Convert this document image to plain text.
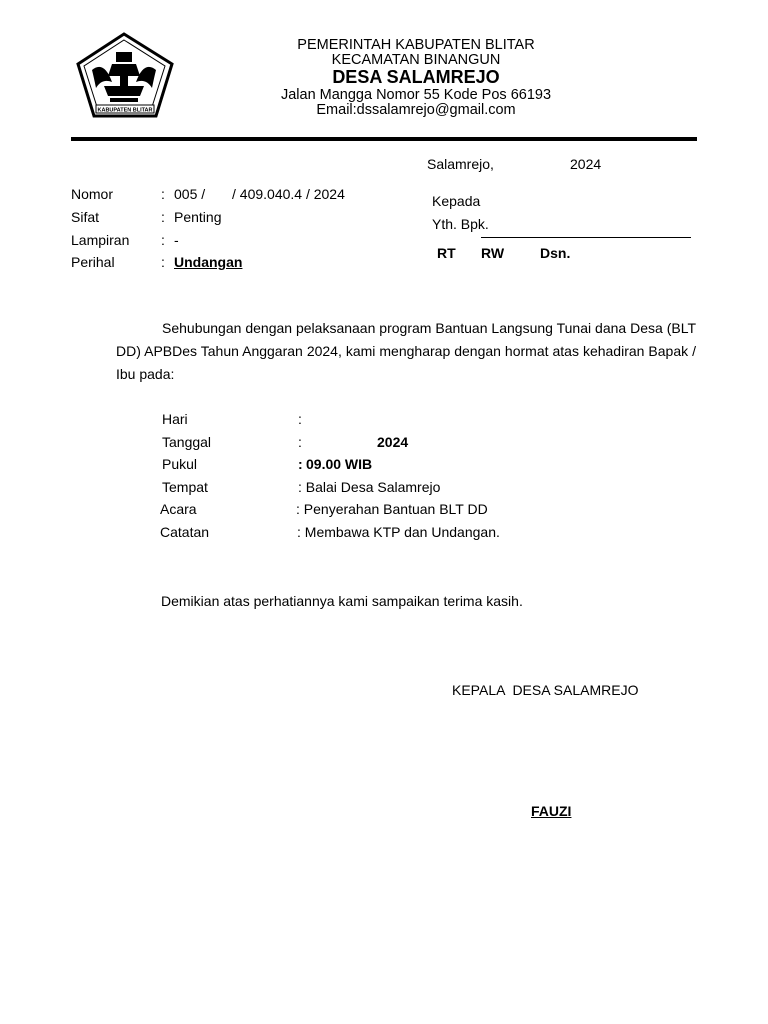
KABUPATEN BLITAR
PEMERINTAH KABUPATEN BLITAR
KECAMATAN BINANGUN
DESA SALAMREJO
Jalan Mangga Nomor 55 Kode Pos 66193
Email:dssalamrejo@gmail.com
Salamrejo,	2024
Nomor	: 005 / / 409.040.4 / 2024
Sifat	: Penting
Lampiran : -
Perihal	: Undangan
Kepada
Yth. Bpk.
RT RW	Dsn.

Sehubungan dengan pelaksanaan program Bantuan Langsung Tunai dana Desa (BLT DD) APBDes Tahun Anggaran 2024, kami mengharap dengan hormat atas kehadiran Bapak / Ibu pada:

Hari	:
Tanggal	:	2024
Pukul	: 09.00 WIB
Tempat	: Balai Desa Salamrejo
Acara	: Penyerahan Bantuan BLT DD
Catatan	: Membawa KTP dan Undangan.
Demikian atas perhatiannya kami sampaikan terima kasih.
KEPALA  DESA SALAMREJO
FAUZI
